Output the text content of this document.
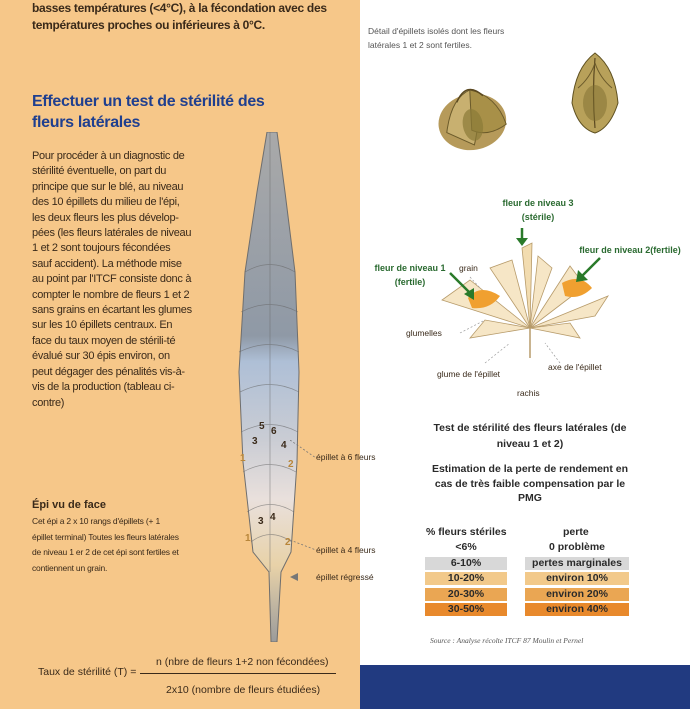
basses températures (<4°C), à la fécondation avec des températures proches ou inférieures à 0°C.
Effectuer un test de stérilité des fleurs latérales
Pour procéder à un diagnostic de stérilité éventuelle, on part du principe que sur le blé, au niveau des 10 épillets du milieu de l'épi, les deux fleurs les plus dévelop-pées (les fleurs latérales de niveau 1 et 2 sont toujours fécondées sauf accident). La méthode mise au point par l'ITCF consiste donc à compter le nombre de fleurs 1 et 2 sans grains en écartant les glumes sur les 10 épillets centraux. En face du taux moyen de stérili-té évalué sur 30 épis environ, on peut dégager des pénalités vis-à-vis de la production (tableau ci-contre)
5 6
3 4
1
2
3 4
1	2
épillet à 6 fleurs
épillet à 4 fleurs
épillet régressé
Épi vu de face
Cet épi a 2 x 10 rangs d'épillets (+ 1 épillet terminal) Toutes les fleurs latérales de niveau 1 er 2 de cet épi sont fertiles et contiennent un grain.
Taux de stérilité (T) =
n (nbre de fleurs 1+2 non fécondées)
2x10 (nombre de fleurs étudiées)
Détail d'épillets isolés dont les fleurs latérales 1 et 2 sont fertiles.
fleur de niveau 3 (stérile)
fleur de niveau 2(fertile)
fleur de niveau 1 (fertile)
grain
glumelles
glume de l'épillet
axe de l'épillet
rachis
Test de stérilité des fleurs latérales (de niveau 1 et 2)
Estimation de la perte de rendement en cas de très faible compensation par le PMG
% fleurs stériles	perte
<6%	0 problème
6-10%	pertes marginales
10-20%	environ 10%
20-30%	environ 20%
30-50%	environ 40%
Source : Analyse récolte ITCF 87 Moulin et Pernel
